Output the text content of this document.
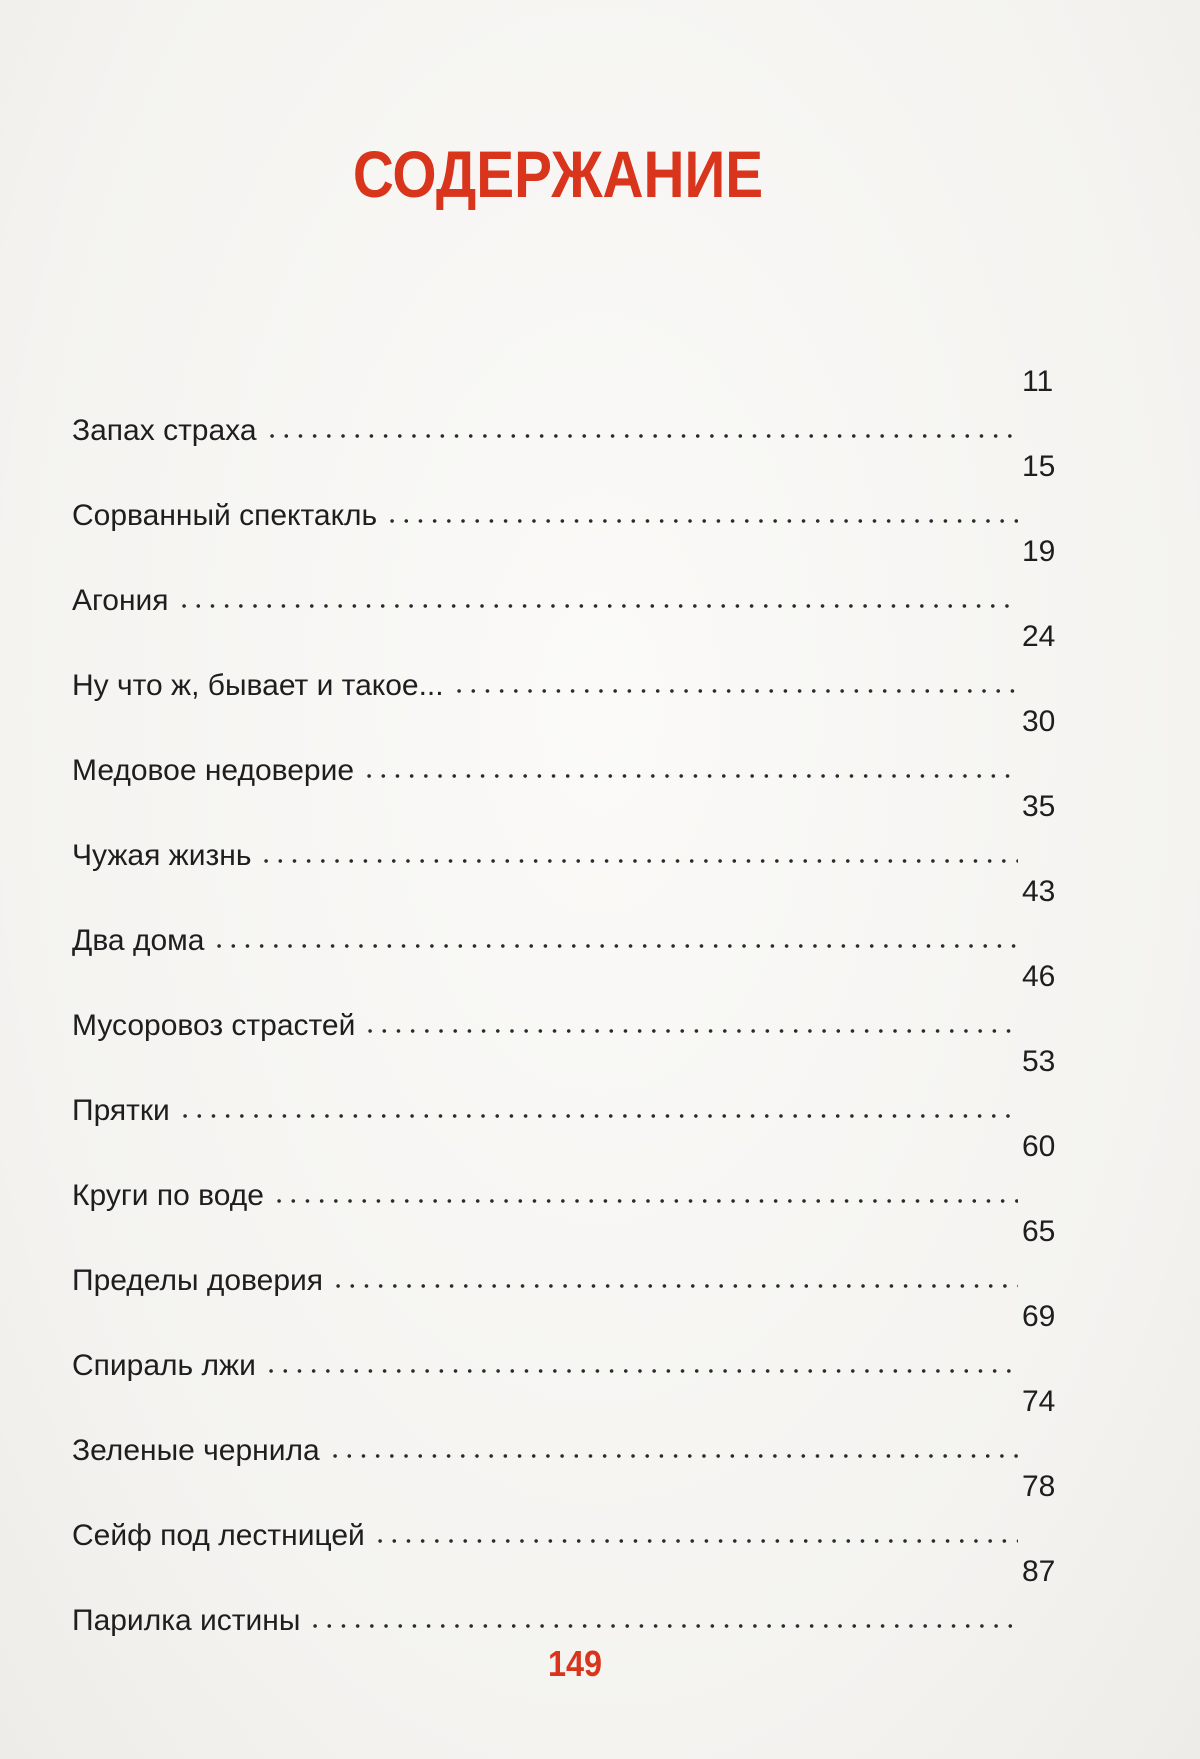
СОДЕРЖАНИЕ
Запах страха
11
Сорванный спектакль
15
Агония
19
Ну что ж, бывает и такое...
24
Медовое недоверие
30
Чужая жизнь
35
Два дома
43
Мусоровоз страстей
46
Прятки
53
Круги по воде
60
Пределы доверия
65
Спираль лжи
69
Зеленые чернила
74
Сейф под лестницей
78
Парилка истины
87
149
